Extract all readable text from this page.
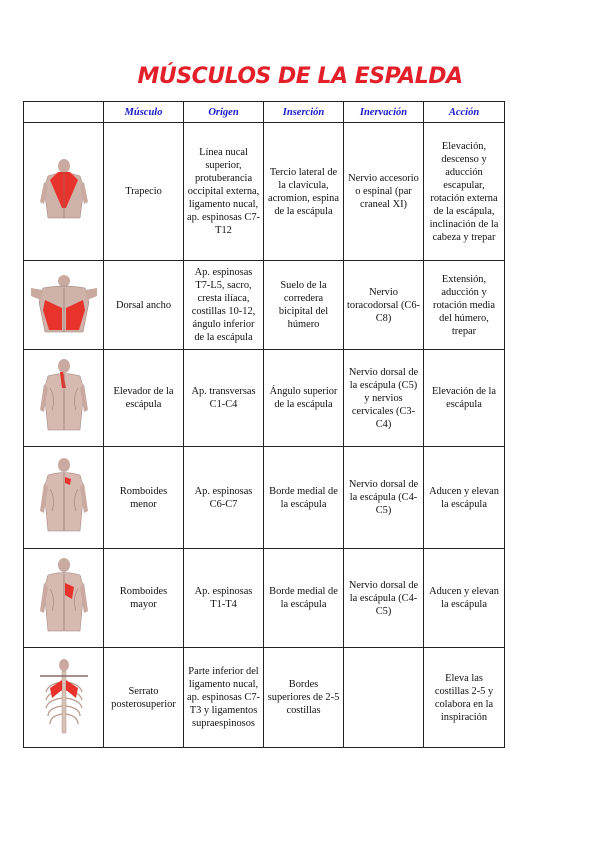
MÚSCULOS DE LA ESPALDA
	Músculo	Origen	Inserción	Inervación	Acción

	Trapecio	Línea nucal superior, protuberancia occipital externa, ligamento nucal, ap. espinosas C7-T12	Tercio lateral de la clavícula, acromion, espina de la escápula	Nervio accesorio o espinal (par craneal XI)	Elevación, descenso y aducción escapular, rotación externa de la escápula, inclinación de la cabeza y trepar

	Dorsal ancho	Ap. espinosas T7-L5, sacro, cresta ilíaca, costillas 10-12, ángulo inferior de la escápula	Suelo de la corredera bicipital del húmero	Nervio toracodorsal (C6-C8)	Extensión, aducción y rotación media del húmero, trepar

	Elevador de la escápula	Ap. transversas C1-C4	Ángulo superior de la escápula	Nervio dorsal de la escápula (C5) y nervios cervicales (C3-C4)	Elevación de la escápula

	Romboides menor	Ap. espinosas C6-C7	Borde medial de la escápula	Nervio dorsal de la escápula (C4-C5)	Aducen y elevan la escápula

	Romboides mayor	Ap. espinosas T1-T4	Borde medial de la escápula	Nervio dorsal de la escápula (C4-C5)	Aducen y elevan la escápula

	Serrato posterosuperior	Parte inferior del ligamento nucal, ap. espinosas C7-T3 y ligamentos supraespinosos	Bordes superiores de 2-5 costillas		Eleva las costillas 2-5 y colabora en la inspiración
